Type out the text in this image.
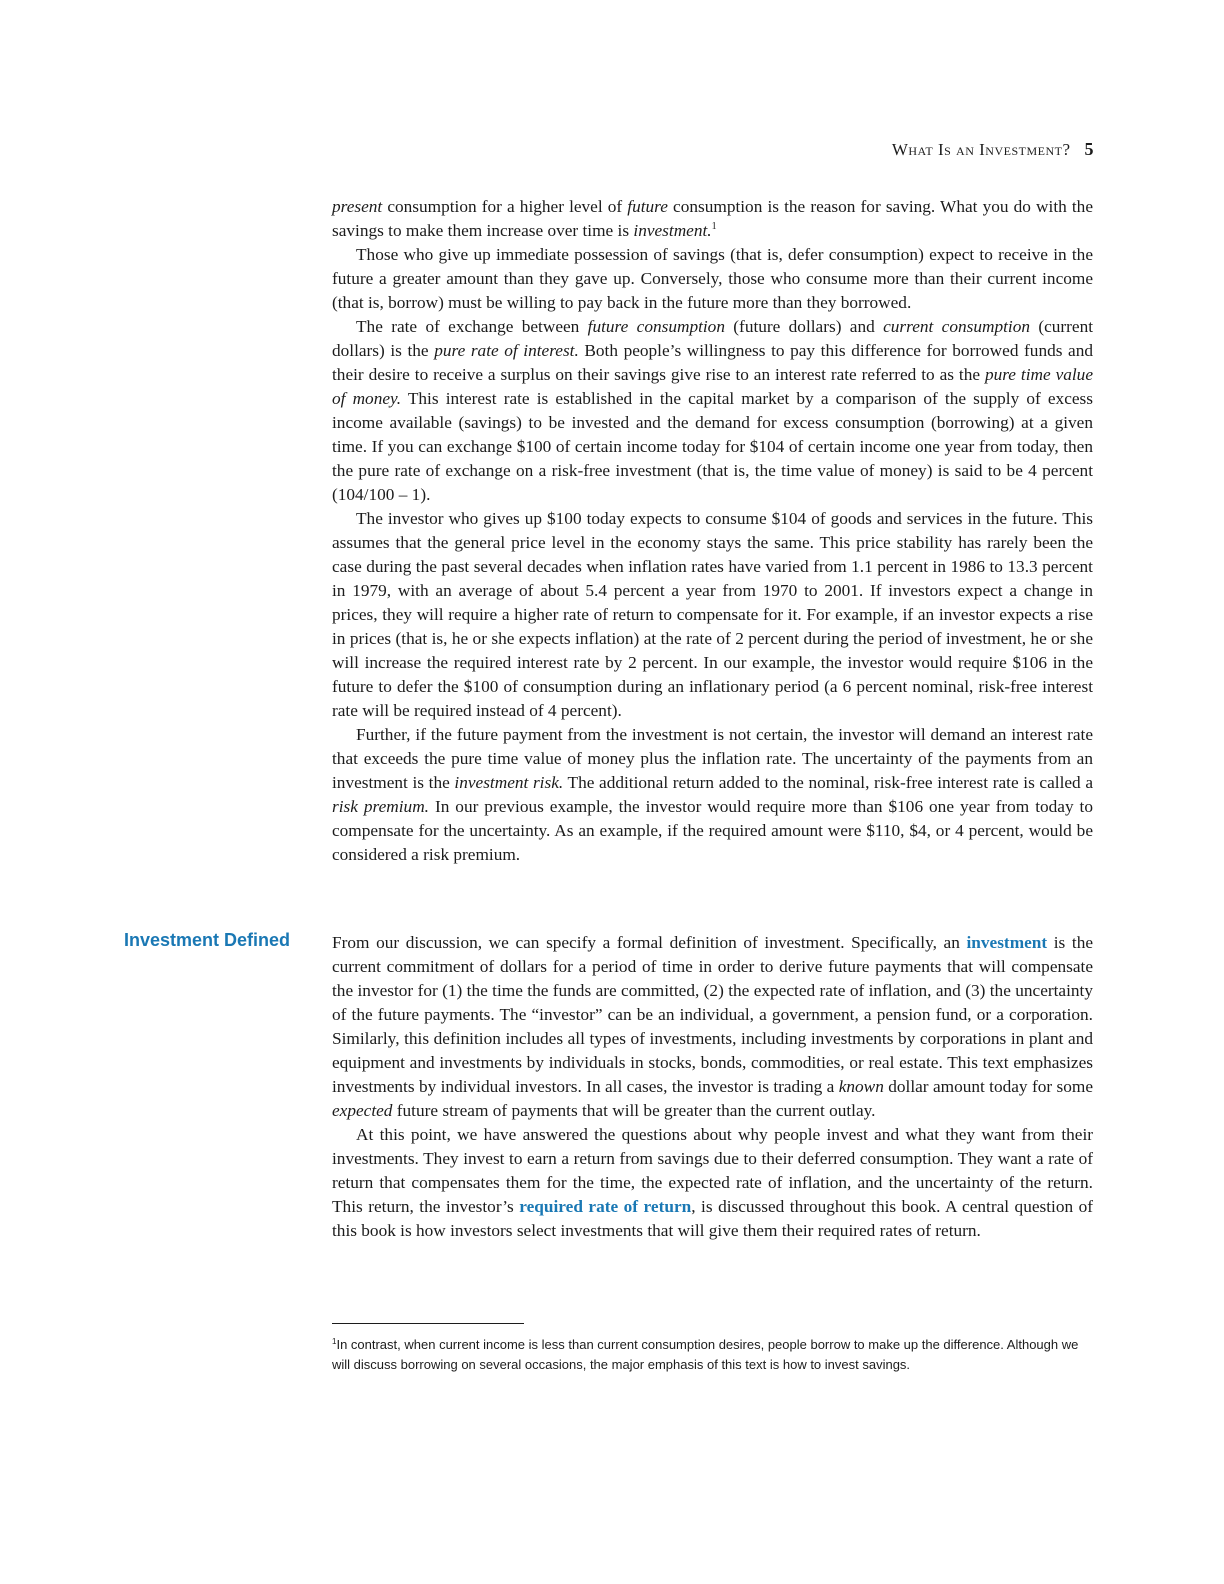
What Is an Investment? 5

present consumption for a higher level of future consumption is the reason for saving. What you do with the savings to make them increase over time is investment.$^1$

Those who give up immediate possession of savings (that is, defer consumption) expect to receive in the future a greater amount than they gave up. Conversely, those who consume more than their current income (that is, borrow) must be willing to pay back in the future more than they borrowed.

The rate of exchange between future consumption (future dollars) and current consumption (current dollars) is the pure rate of interest. Both people’s willingness to pay this difference for borrowed funds and their desire to receive a surplus on their savings give rise to an interest rate referred to as the pure time value of money. This interest rate is established in the capital market by a comparison of the supply of excess income available (savings) to be invested and the demand for excess consumption (borrowing) at a given time. If you can exchange $100 of certain income today for $104 of certain income one year from today, then the pure rate of exchange on a risk-free investment (that is, the time value of money) is said to be 4 percent (104/100 – 1).

The investor who gives up $100 today expects to consume $104 of goods and services in the future. This assumes that the general price level in the economy stays the same. This price stability has rarely been the case during the past several decades when inflation rates have varied from 1.1 percent in 1986 to 13.3 percent in 1979, with an average of about 5.4 percent a year from 1970 to 2001. If investors expect a change in prices, they will require a higher rate of return to compensate for it. For example, if an investor expects a rise in prices (that is, he or she expects inflation) at the rate of 2 percent during the period of investment, he or she will increase the required interest rate by 2 percent. In our example, the investor would require $106 in the future to defer the $100 of consumption during an inflationary period (a 6 percent nominal, risk-free interest rate will be required instead of 4 percent).

Further, if the future payment from the investment is not certain, the investor will demand an interest rate that exceeds the pure time value of money plus the inflation rate. The uncertainty of the payments from an investment is the investment risk. The additional return added to the nominal, risk-free interest rate is called a risk premium. In our previous example, the investor would require more than $106 one year from today to compensate for the uncertainty. As an example, if the required amount were $110, $4, or 4 percent, would be considered a risk premium.

Investment Defined	From our discussion, we can specify a formal definition of investment. Specifically, an investment is the current commitment of dollars for a period of time in order to derive future payments that will compensate the investor for (1) the time the funds are committed, (2) the expected rate of inflation, and (3) the uncertainty of the future payments. The “investor” can be an individual, a government, a pension fund, or a corporation. Similarly, this definition includes all types of investments, including investments by corporations in plant and equipment and investments by individuals in stocks, bonds, commodities, or real estate. This text emphasizes investments by individual investors. In all cases, the investor is trading a known dollar amount today for some expected future stream of payments that will be greater than the current outlay.

At this point, we have answered the questions about why people invest and what they want from their investments. They invest to earn a return from savings due to their deferred consumption. They want a rate of return that compensates them for the time, the expected rate of inflation, and the uncertainty of the return. This return, the investor’s required rate of return, is discussed throughout this book. A central question of this book is how investors select investments that will give them their required rates of return.

$^1$In contrast, when current income is less than current consumption desires, people borrow to make up the difference. Although we will discuss borrowing on several occasions, the major emphasis of this text is how to invest savings.
